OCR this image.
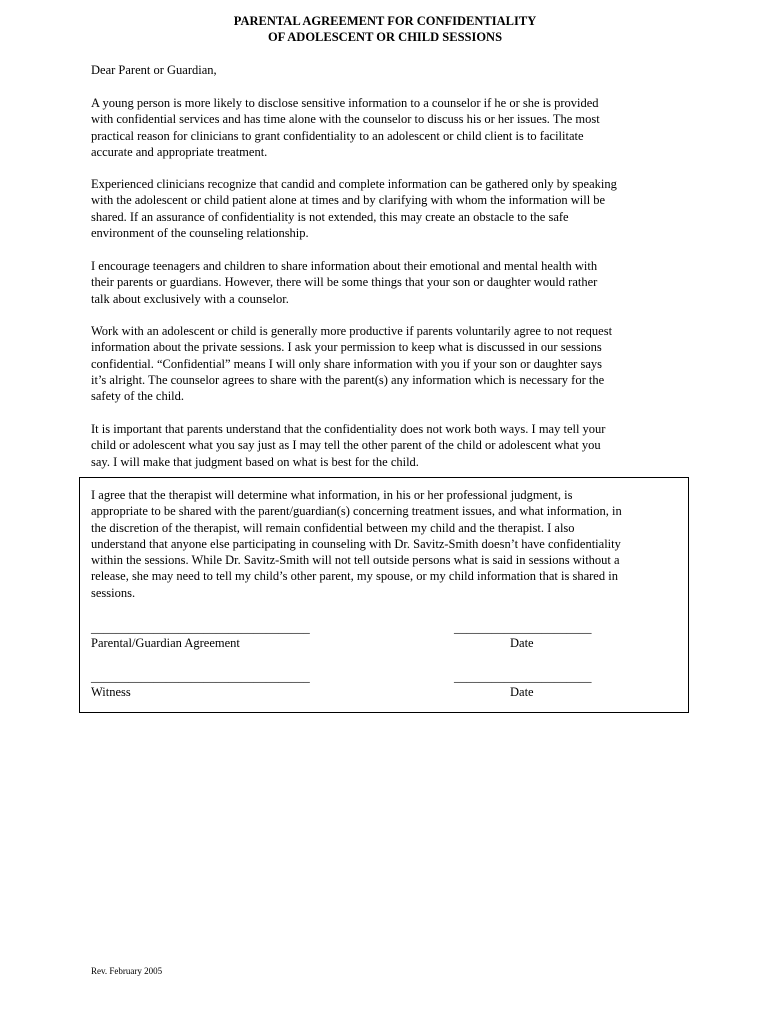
PARENTAL AGREEMENT FOR CONFIDENTIALITY
OF ADOLESCENT OR CHILD SESSIONS
Dear Parent or Guardian,
A young person is more likely to disclose sensitive information to a counselor if he or she is provided
with confidential services and has time alone with the counselor to discuss his or her issues. The most
practical reason for clinicians to grant confidentiality to an adolescent or child client is to facilitate
accurate and appropriate treatment.
Experienced clinicians recognize that candid and complete information can be gathered only by speaking
with the adolescent or child patient alone at times and by clarifying with whom the information will be
shared. If an assurance of confidentiality is not extended, this may create an obstacle to the safe
environment of the counseling relationship.
I encourage teenagers and children to share information about their emotional and mental health with
their parents or guardians. However, there will be some things that your son or daughter would rather
talk about exclusively with a counselor.
Work with an adolescent or child is generally more productive if parents voluntarily agree to not request
information about the private sessions. I ask your permission to keep what is discussed in our sessions
confidential. “Confidential” means I will only share information with you if your son or daughter says
it’s alright. The counselor agrees to share with the parent(s) any information which is necessary for the
safety of the child.
It is important that parents understand that the confidentiality does not work both ways. I may tell your
child or adolescent what you say just as I may tell the other parent of the child or adolescent what you
say. I will make that judgment based on what is best for the child.
I agree that the therapist will determine what information, in his or her professional judgment, is
appropriate to be shared with the parent/guardian(s) concerning treatment issues, and what information, in
the discretion of the therapist, will remain confidential between my child and the therapist. I also
understand that anyone else participating in counseling with Dr. Savitz-Smith doesn’t have confidentiality
within the sessions. While Dr. Savitz-Smith will not tell outside persons what is said in sessions without a
release, she may need to tell my child’s other parent, my spouse, or my child information that is shared in
sessions.
___________________________________	______________________
Parental/Guardian Agreement	Date
___________________________________	______________________
Witness	Date
Rev. February 2005
